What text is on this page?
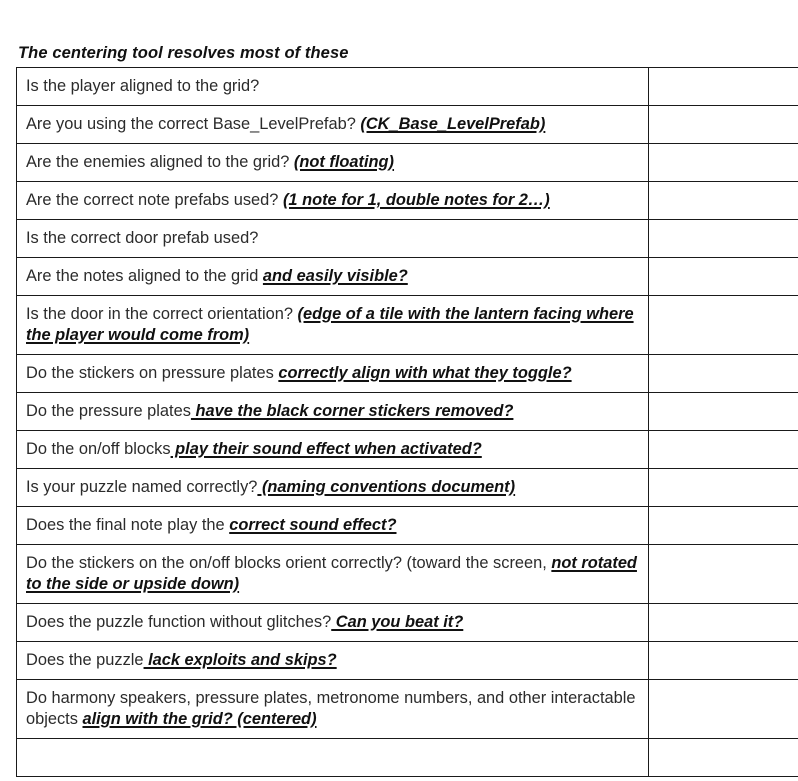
The centering tool resolves most of these
Is the player aligned to the grid?	
Are you using the correct Base_LevelPrefab? (CK_Base_LevelPrefab)	
Are the enemies aligned to the grid? (not floating)	
Are the correct note prefabs used? (1 note for 1, double notes for 2…)	
Is the correct door prefab used?	
Are the notes aligned to the grid and easily visible?	
Is the door in the correct orientation? (edge of a tile with the lantern facing where the player would come from)	
Do the stickers on pressure plates correctly align with what they toggle?	
Do the pressure plates have the black corner stickers removed?	
Do the on/off blocks play their sound effect when activated?	
Is your puzzle named correctly? (naming conventions document)	
Does the final note play the correct sound effect?	
Do the stickers on the on/off blocks orient correctly? (toward the screen, not rotated to the side or upside down)	
Does the puzzle function without glitches? Can you beat it?	
Does the puzzle lack exploits and skips?	
Do harmony speakers, pressure plates, metronome numbers, and other interactable objects align with the grid? (centered)	
